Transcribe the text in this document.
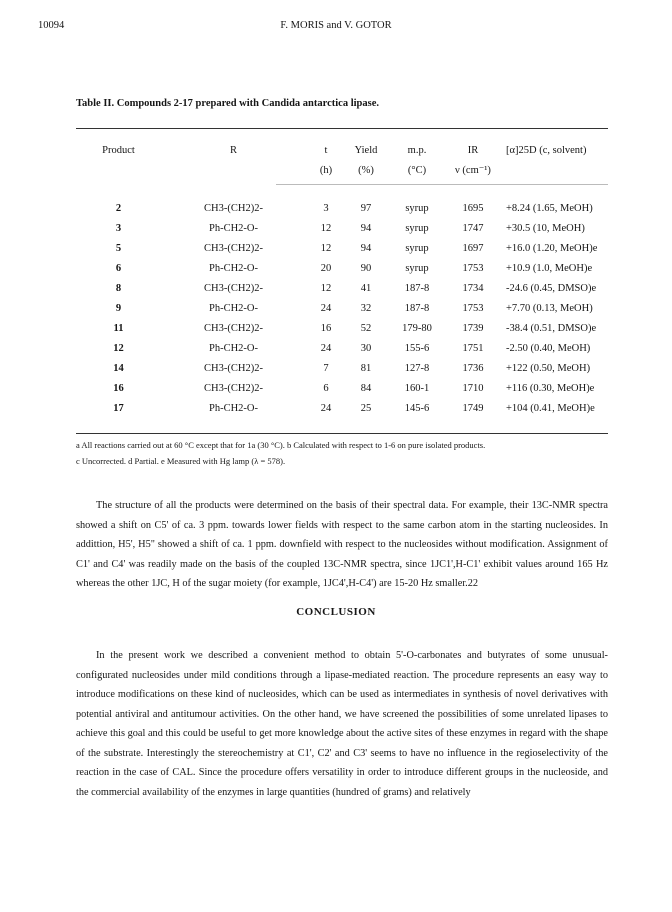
10094	F. MORIS and V. GOTOR
Table II. Compounds 2-17 prepared with Candida antarctica lipase.
Product	R	t	Yield	m.p.	IR	[α]25D (c, solvent)
		(h)	(%)	(°C)	ν (cm⁻¹)	

2	CH3-(CH2)2-	3	97	syrup	1695	+8.24 (1.65, MeOH)
3	Ph-CH2-O-	12	94	syrup	1747	+30.5 (10, MeOH)
5	CH3-(CH2)2-	12	94	syrup	1697	+16.0 (1.20, MeOH)e
6	Ph-CH2-O-	20	90	syrup	1753	+10.9 (1.0, MeOH)e
8	CH3-(CH2)2-	12	41	187-8	1734	-24.6 (0.45, DMSO)e
9	Ph-CH2-O-	24	32	187-8	1753	+7.70 (0.13, MeOH)
11	CH3-(CH2)2-	16	52	179-80	1739	-38.4 (0.51, DMSO)e
12	Ph-CH2-O-	24	30	155-6	1751	-2.50 (0.40, MeOH)
14	CH3-(CH2)2-	7	81	127-8	1736	+122 (0.50, MeOH)
16	CH3-(CH2)2-	6	84	160-1	1710	+116 (0.30, MeOH)e
17	Ph-CH2-O-	24	25	145-6	1749	+104 (0.41, MeOH)e
a All reactions carried out at 60 °C except that for 1a (30 °C). b Calculated with respect to 1-6 on pure isolated products.
c Uncorrected. d Partial. e Measured with Hg lamp (λ = 578).

The structure of all the products were determined on the basis of their spectral data. For example, their 13C-NMR spectra showed a shift on C5' of ca. 3 ppm. towards lower fields with respect to the same carbon atom in the starting nucleosides. In addittion, H5', H5" showed a shift of ca. 1 ppm. downfield with respect to the nucleosides without modification. Assignment of C1' and C4' was readily made on the basis of the coupled 13C-NMR spectra, since 1JC1',H-C1' exhibit values around 165 Hz whereas the other 1JC, H of the sugar moiety (for example, 1JC4',H-C4') are 15-20 Hz smaller.22

CONCLUSION

In the present work we described a convenient method to obtain 5'-O-carbonates and butyrates of some unusual-configurated nucleosides under mild conditions through a lipase-mediated reaction. The procedure represents an easy way to introduce modifications on these kind of nucleosides, which can be used as intermediates in synthesis of novel derivatives with potential antiviral and antitumour activities. On the other hand, we have screened the possibilities of some unrelated lipases to achieve this goal and this could be useful to get more knowledge about the active sites of these enzymes in regard with the shape of the substrate. Interestingly the stereochemistry at C1', C2' and C3' seems to have no influence in the regioselectivity of the reaction in the case of CAL. Since the procedure offers versatility in order to introduce different groups in the nucleoside, and the commercial availability of the enzymes in large quantities (hundred of grams) and relatively
